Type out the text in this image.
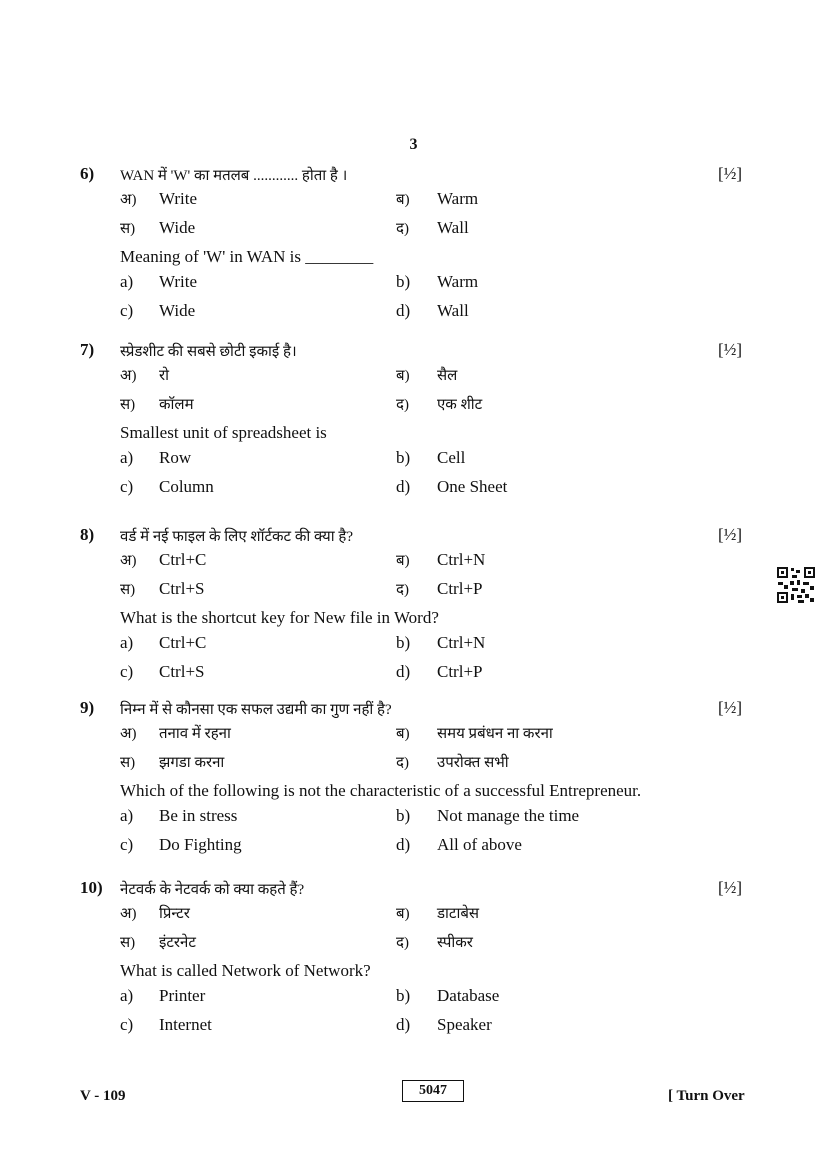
3
6) WAN में 'W' का मतलब ............ होता है ।	[½]
अ) Write	ब) Warm
स) Wide	द) Wall
Meaning of 'W' in WAN is ________
a) Write	b) Warm
c) Wide	d) Wall
7) स्प्रेडशीट की सबसे छोटी इकाई है।	[½]
अ) रो	ब) सैल
स) कॉलम	द) एक शीट
Smallest unit of spreadsheet is
a) Row	b) Cell
c) Column	d) One Sheet
8) वर्ड में नई फाइल के लिए शॉर्टकट की क्या है?	[½]
अ) Ctrl+C	ब) Ctrl+N
स) Ctrl+S	द) Ctrl+P
What is the shortcut key for New file in Word?
a) Ctrl+C	b) Ctrl+N
c) Ctrl+S	d) Ctrl+P
9) निम्न में से कौनसा एक सफल उद्यमी का गुण नहीं है?	[½]
अ) तनाव में रहना	ब) समय प्रबंधन ना करना
स) झगडा करना	द) उपरोक्त सभी
Which of the following is not the characteristic of a successful Entrepreneur.
a) Be in stress	b) Not manage the time
c) Do Fighting	d) All of above
10) नेटवर्क के नेटवर्क को क्या कहते हैं?	[½]
अ) प्रिन्टर	ब) डाटाबेस
स) इंटरनेट	द) स्पीकर
What is called Network of Network?
a) Printer	b) Database
c) Internet	d) Speaker
V - 109	5047	[ Turn Over
